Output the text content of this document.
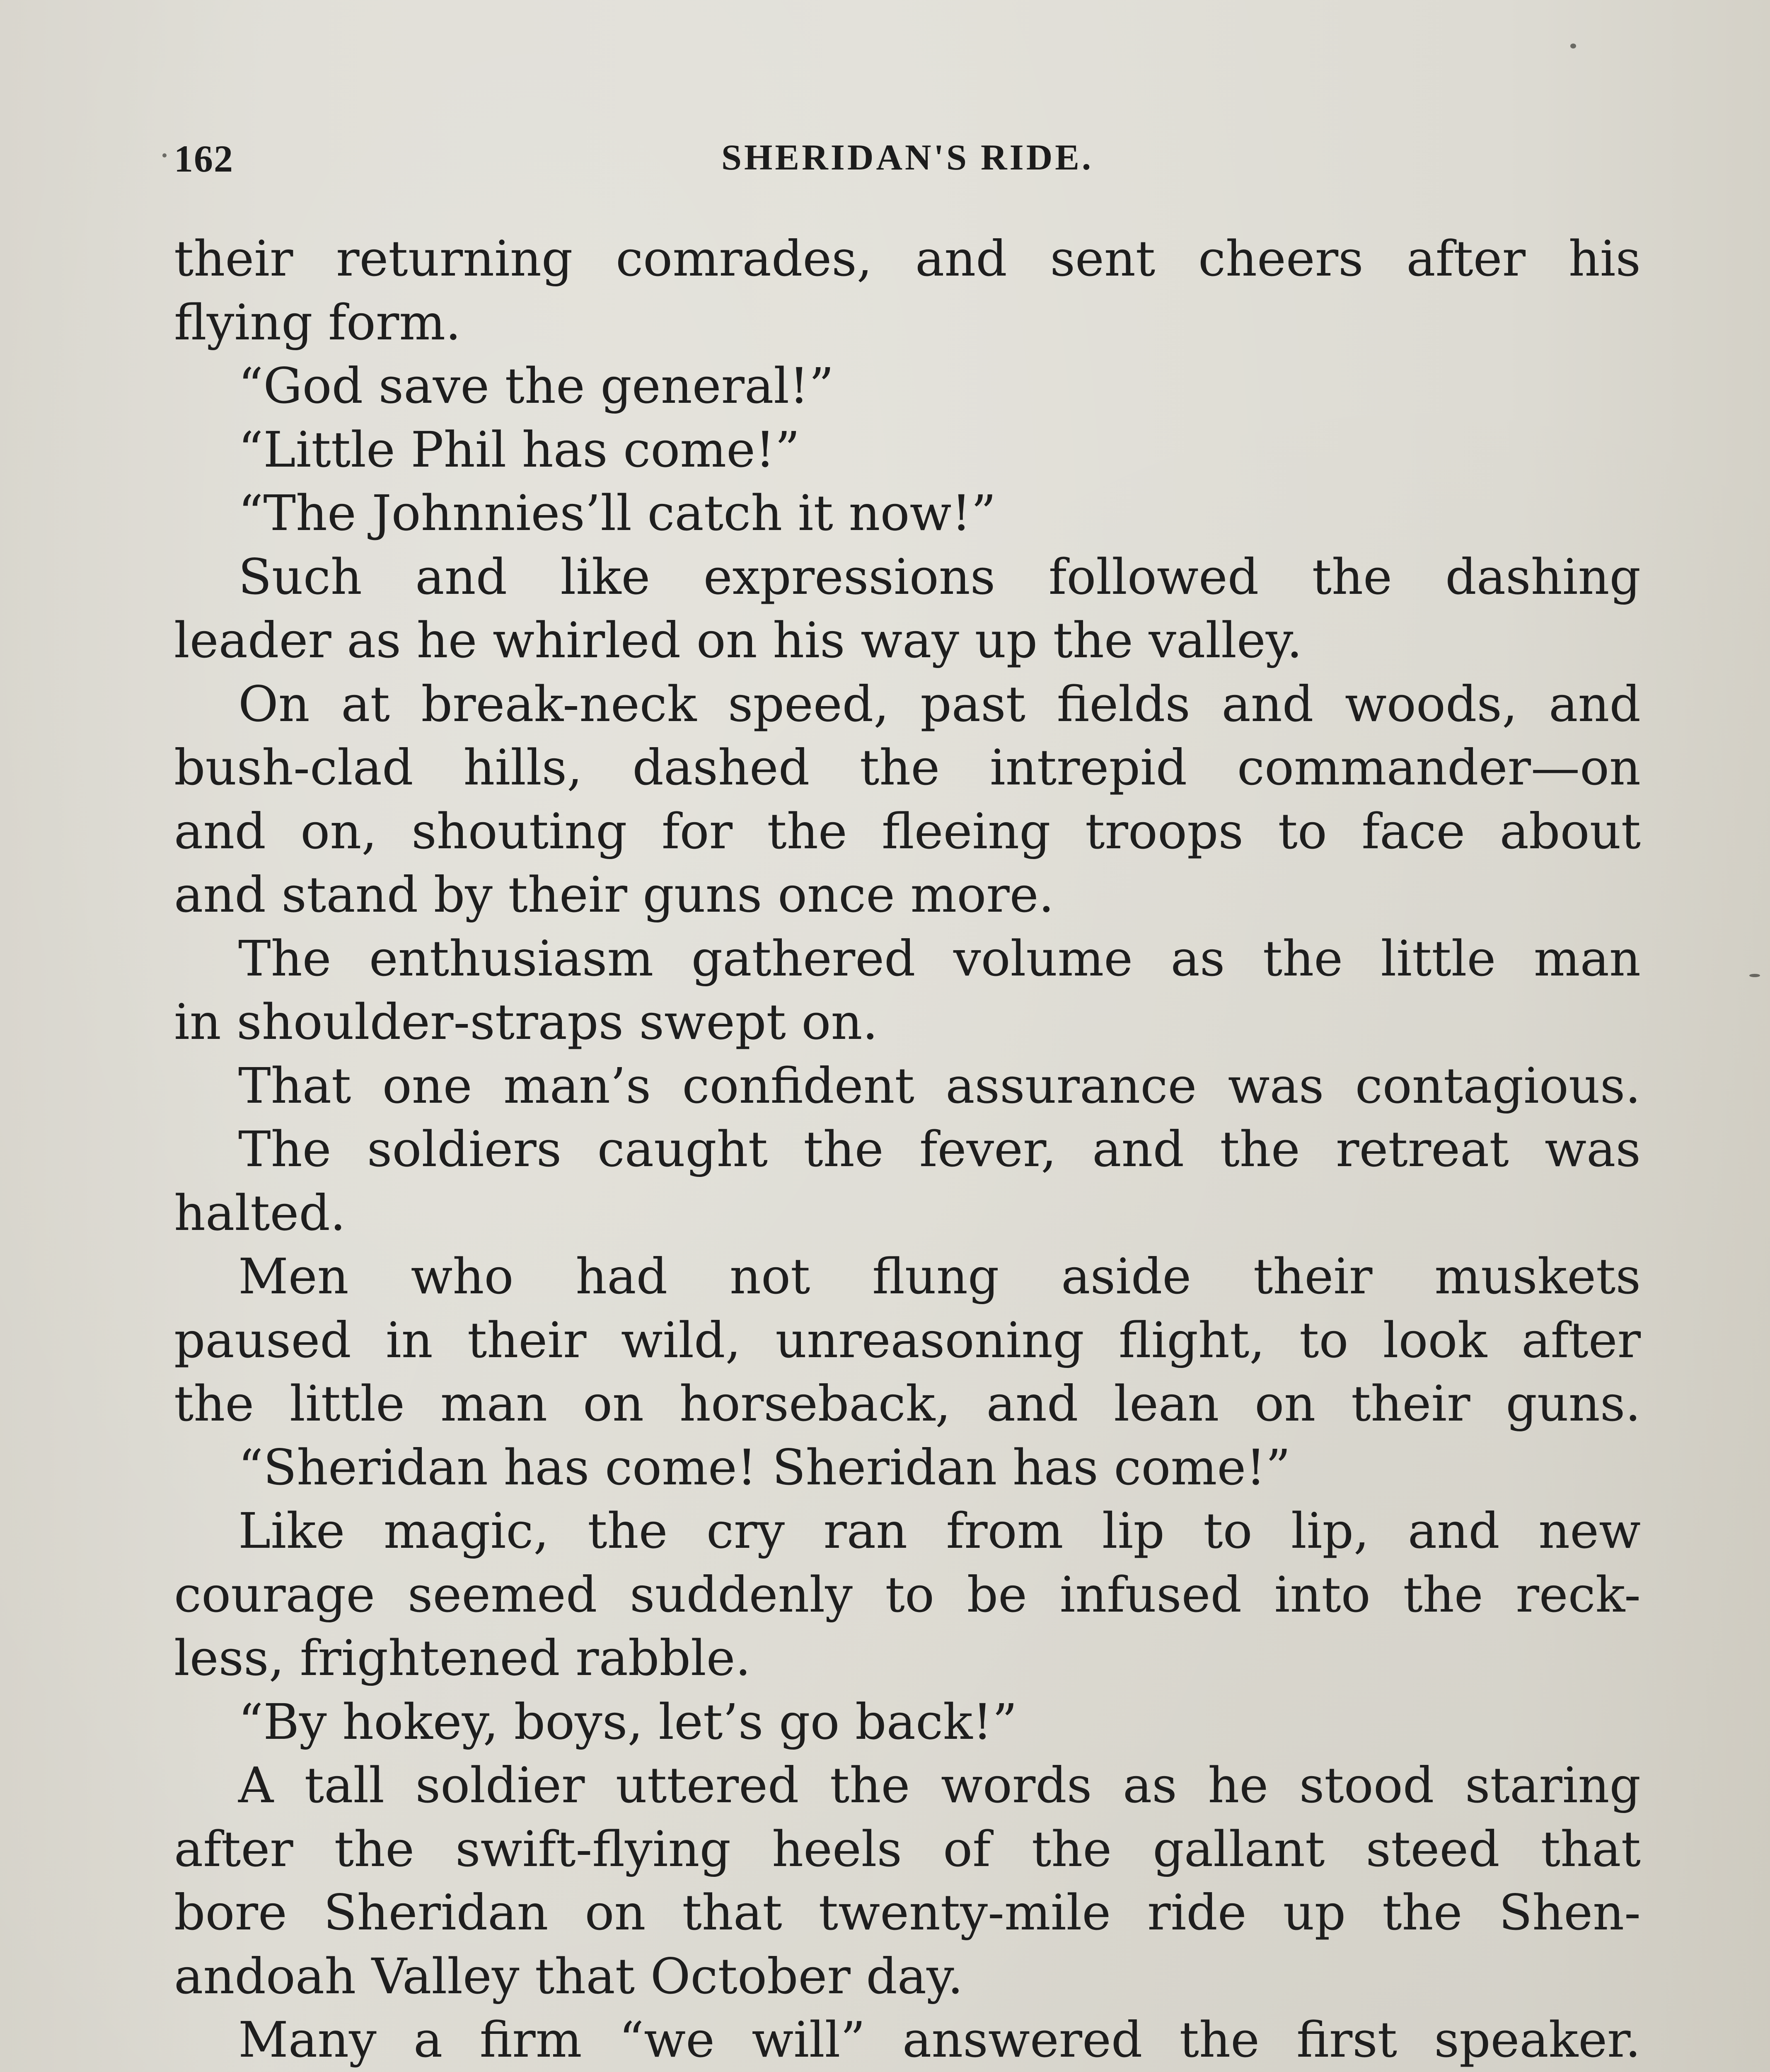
162	SHERIDAN'S RIDE.
their returning comrades, and sent cheers after his
flying form.
“God save the general!”
“Little Phil has come!”
“The Johnnies’ll catch it now!”
Such and like expressions followed the dashing
leader as he whirled on his way up the valley.
On at break-neck speed, past fields and woods, and
bush-clad hills, dashed the intrepid commander—on
and on, shouting for the fleeing troops to face about
and stand by their guns once more.
The enthusiasm gathered volume as the little man
in shoulder-straps swept on.
That one man’s confident assurance was contagious.
The soldiers caught the fever, and the retreat was
halted.
Men who had not flung aside their muskets
paused in their wild, unreasoning flight, to look after
the little man on horseback, and lean on their guns.
“Sheridan has come! Sheridan has come!”
Like magic, the cry ran from lip to lip, and new
courage seemed suddenly to be infused into the reck-
less, frightened rabble.
“By hokey, boys, let’s go back!”
A tall soldier uttered the words as he stood staring
after the swift-flying heels of the gallant steed that
bore Sheridan on that twenty-mile ride up the Shen-
andoah Valley that October day.
Many a firm “we will” answered the first speaker.
